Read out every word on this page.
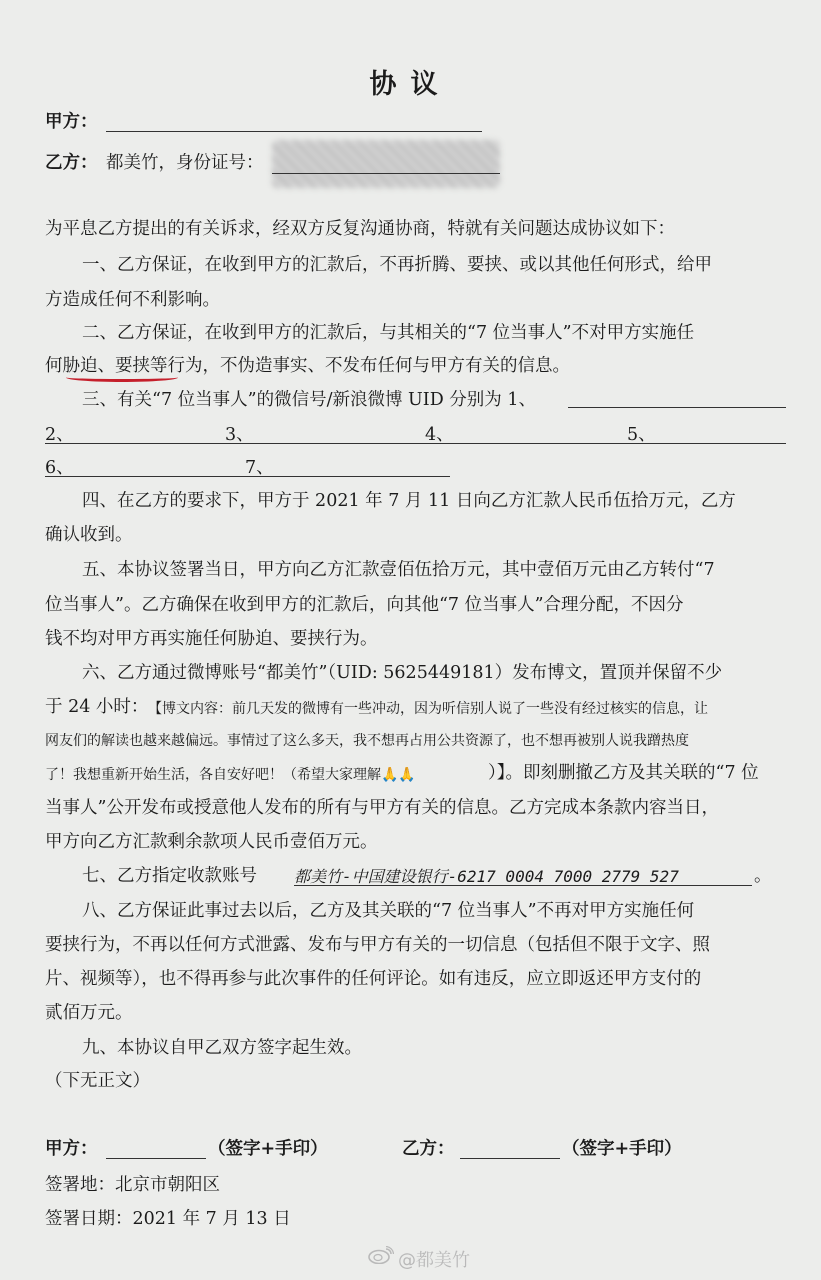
协议
甲方：
乙方： 都美竹，身份证号：
为平息乙方提出的有关诉求，经双方反复沟通协商，特就有关问题达成协议如下：
一、乙方保证，在收到甲方的汇款后，不再折腾、要挟、或以其他任何形式，给甲
方造成任何不利影响。
二、乙方保证，在收到甲方的汇款后，与其相关的“7 位当事人”不对甲方实施任
何胁迫、要挟等行为，不伪造事实、不发布任何与甲方有关的信息。
三、有关“7 位当事人”的微信号/新浪微博 UID 分别为 1、
2、	3、	4、	5、
6、	7、
四、在乙方的要求下，甲方于 2021 年 7 月 11 日向乙方汇款人民币伍拾万元，乙方
确认收到。
五、本协议签署当日，甲方向乙方汇款壹佰伍拾万元，其中壹佰万元由乙方转付“7
位当事人”。乙方确保在收到甲方的汇款后，向其他“7 位当事人”合理分配，不因分
钱不均对甲方再实施任何胁迫、要挟行为。
六、乙方通过微博账号“都美竹”（UID: 5625449181）发布博文，置顶并保留不少
于 24 小时： 【博文内容：前几天发的微博有一些冲动，因为听信别人说了一些没有经过核实的信息，让
网友们的解读也越来越偏远。事情过了这么多天，我不想再占用公共资源了，也不想再被别人说我蹭热度
了！我想重新开始生活，各自安好吧！（希望大家理解🙏🙏	）】。即刻删撤乙方及其关联的“7 位
当事人”公开发布或授意他人发布的所有与甲方有关的信息。乙方完成本条款内容当日，
甲方向乙方汇款剩余款项人民币壹佰万元。
七、乙方指定收款账号 都美竹-中国建设银行-6217 0004 7000 2779 527	。
八、乙方保证此事过去以后，乙方及其关联的“7 位当事人”不再对甲方实施任何
要挟行为，不再以任何方式泄露、发布与甲方有关的一切信息（包括但不限于文字、照
片、视频等），也不得再参与此次事件的任何评论。如有违反，应立即返还甲方支付的
贰佰万元。
九、本协议自甲乙双方签字起生效。
（下无正文）
甲方：	（签字+手印）	乙方：	（签字+手印）
签署地：北京市朝阳区
签署日期：2021 年 7 月 13 日
@都美竹
